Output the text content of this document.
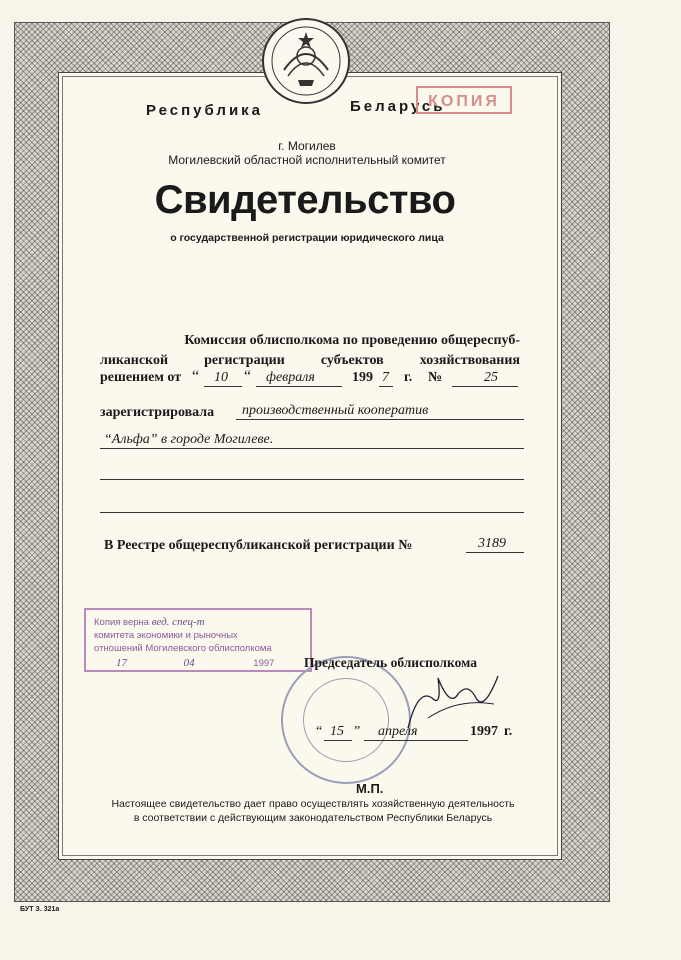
Республика	Беларусь
КОПИЯ
г. Могилев
Могилевский областной исполнительный комитет
Свидетельство
о государственной регистрации юридического лица
Комиссия облисполкома по проведению общереспуб-
ликанской регистрации субъектов хозяйствования
решением от “ 10 “ февраля	199 7 г. №	25
зарегистрировала производственный кооператив
“Альфа” в городе Могилеве.
В Реестре общереспубликанской регистрации №	3189
Копия верна вед. спец-т
комитета экономики и рыночных
отношений Могилевского облисполкома
17	04	1997	Председатель облисполкома
“ 15 ” апреля	1997 г.
М.П.
Настоящее свидетельство дает право осуществлять хозяйственную деятельность
в соответствии с действующим законодательством Республики Беларусь
БУТ З. 321а
